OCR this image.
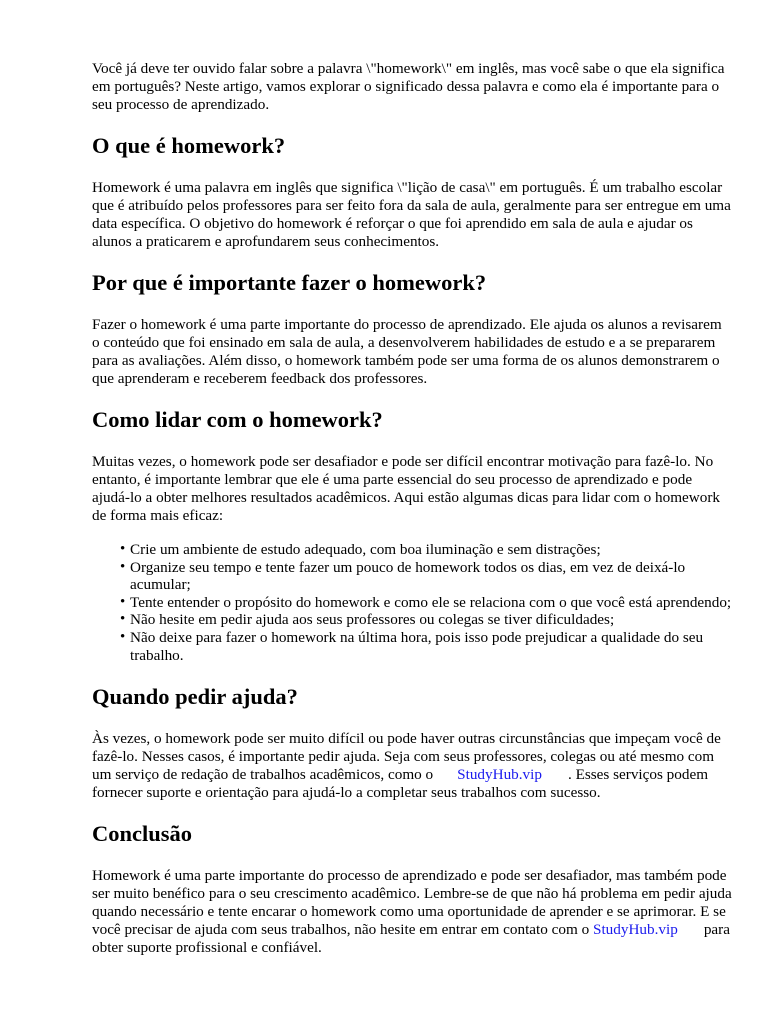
Você já deve ter ouvido falar sobre a palavra \"homework\" em inglês, mas você sabe o que ela significa em português? Neste artigo, vamos explorar o significado dessa palavra e como ela é importante para o seu processo de aprendizado.

O que é homework?

Homework é uma palavra em inglês que significa \"lição de casa\" em português. É um trabalho escolar que é atribuído pelos professores para ser feito fora da sala de aula, geralmente para ser entregue em uma data específica. O objetivo do homework é reforçar o que foi aprendido em sala de aula e ajudar os alunos a praticarem e aprofundarem seus conhecimentos.

Por que é importante fazer o homework?

Fazer o homework é uma parte importante do processo de aprendizado. Ele ajuda os alunos a revisarem o conteúdo que foi ensinado em sala de aula, a desenvolverem habilidades de estudo e a se prepararem para as avaliações. Além disso, o homework também pode ser uma forma de os alunos demonstrarem o que aprenderam e receberem feedback dos professores.

Como lidar com o homework?

Muitas vezes, o homework pode ser desafiador e pode ser difícil encontrar motivação para fazê-lo. No entanto, é importante lembrar que ele é uma parte essencial do seu processo de aprendizado e pode ajudá-lo a obter melhores resultados acadêmicos. Aqui estão algumas dicas para lidar com o homework de forma mais eficaz:

• Crie um ambiente de estudo adequado, com boa iluminação e sem distrações;
• Organize seu tempo e tente fazer um pouco de homework todos os dias, em vez de deixá-lo acumular;
• Tente entender o propósito do homework e como ele se relaciona com o que você está aprendendo;
• Não hesite em pedir ajuda aos seus professores ou colegas se tiver dificuldades;
• Não deixe para fazer o homework na última hora, pois isso pode prejudicar a qualidade do seu trabalho.
Quando pedir ajuda?

Às vezes, o homework pode ser muito difícil ou pode haver outras circunstâncias que impeçam você de fazê-lo. Nesses casos, é importante pedir ajuda. Seja com seus professores, colegas ou até mesmo com um serviço de redação de trabalhos acadêmicos, como o StudyHub.vip . Esses serviços podem fornecer suporte e orientação para ajudá-lo a completar seus trabalhos com sucesso.

Conclusão

Homework é uma parte importante do processo de aprendizado e pode ser desafiador, mas também pode ser muito benéfico para o seu crescimento acadêmico. Lembre-se de que não há problema em pedir ajuda quando necessário e tente encarar o homework como uma oportunidade de aprender e se aprimorar. E se você precisar de ajuda com seus trabalhos, não hesite em entrar em contato com o StudyHub.vip para obter suporte profissional e confiável.
